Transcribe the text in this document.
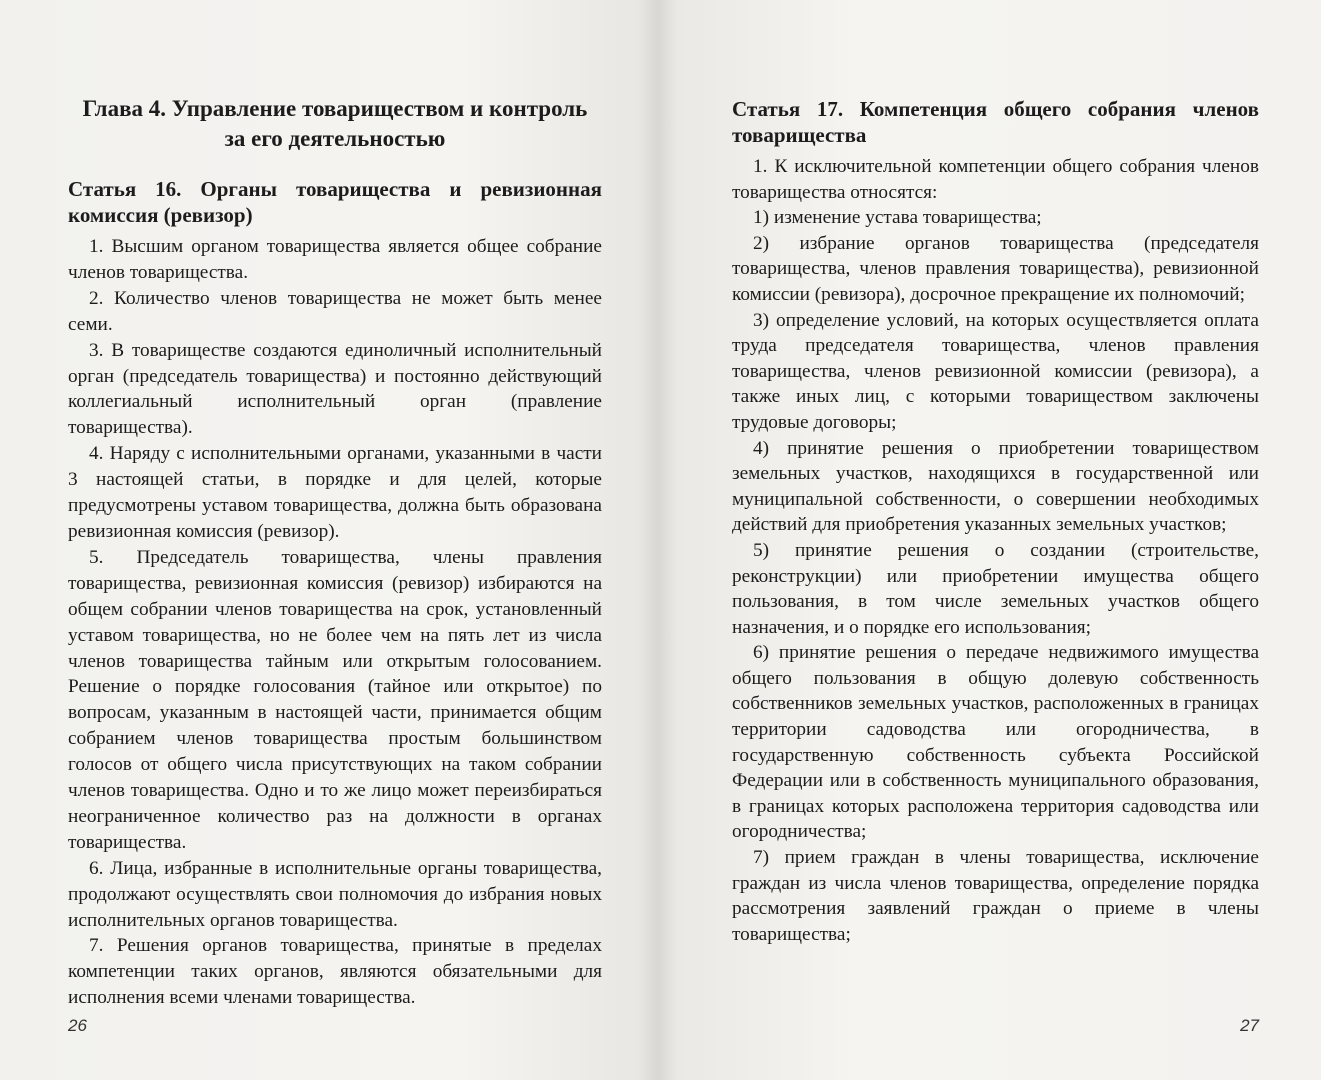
Глава 4. Управление товариществом и контроль за его деятельностью
Статья 16. Органы товарищества и ревизионная комиссия (ревизор)

1. Высшим органом товарищества является общее собрание членов товарищества.

2. Количество членов товарищества не может быть менее семи.

3. В товариществе создаются единоличный исполнительный орган (председатель товарищества) и постоянно действующий коллегиальный исполнительный орган (правление товарищества).

4. Наряду с исполнительными органами, указанными в части 3 настоящей статьи, в порядке и для целей, которые предусмотрены уставом товарищества, должна быть образована ревизионная комиссия (ревизор).

5. Председатель товарищества, члены правления товарищества, ревизионная комиссия (ревизор) избираются на общем собрании членов товарищества на срок, установленный уставом товарищества, но не более чем на пять лет из числа членов товарищества тайным или открытым голосованием. Решение о порядке голосования (тайное или открытое) по вопросам, указанным в настоящей части, принимается общим собранием членов товарищества простым большинством голосов от общего числа присутствующих на таком собрании членов товарищества. Одно и то же лицо может переизбираться неограниченное количество раз на должности в органах товарищества.

6. Лица, избранные в исполнительные органы товарищества, продолжают осуществлять свои полномочия до избрания новых исполнительных органов товарищества.

7. Решения органов товарищества, принятые в пределах компетенции таких органов, являются обязательными для исполнения всеми членами товарищества.

26
Статья 17. Компетенция общего собрания членов товарищества

1. К исключительной компетенции общего собрания членов товарищества относятся:

1) изменение устава товарищества;

2) избрание органов товарищества (председателя товарищества, членов правления товарищества), ревизионной комиссии (ревизора), досрочное прекращение их полномочий;

3) определение условий, на которых осуществляется оплата труда председателя товарищества, членов правления товарищества, членов ревизионной комиссии (ревизора), а также иных лиц, с которыми товариществом заключены трудовые договоры;

4) принятие решения о приобретении товариществом земельных участков, находящихся в государственной или муниципальной собственности, о совершении необходимых действий для приобретения указанных земельных участков;

5) принятие решения о создании (строительстве, реконструкции) или приобретении имущества общего пользования, в том числе земельных участков общего назначения, и о порядке его использования;

6) принятие решения о передаче недвижимого имущества общего пользования в общую долевую собственность собственников земельных участков, расположенных в границах территории садоводства или огородничества, в государственную собственность субъекта Российской Федерации или в собственность муниципального образования, в границах которых расположена территория садоводства или огородничества;

7) прием граждан в члены товарищества, исключение граждан из числа членов товарищества, определение порядка рассмотрения заявлений граждан о приеме в члены товарищества;

27
